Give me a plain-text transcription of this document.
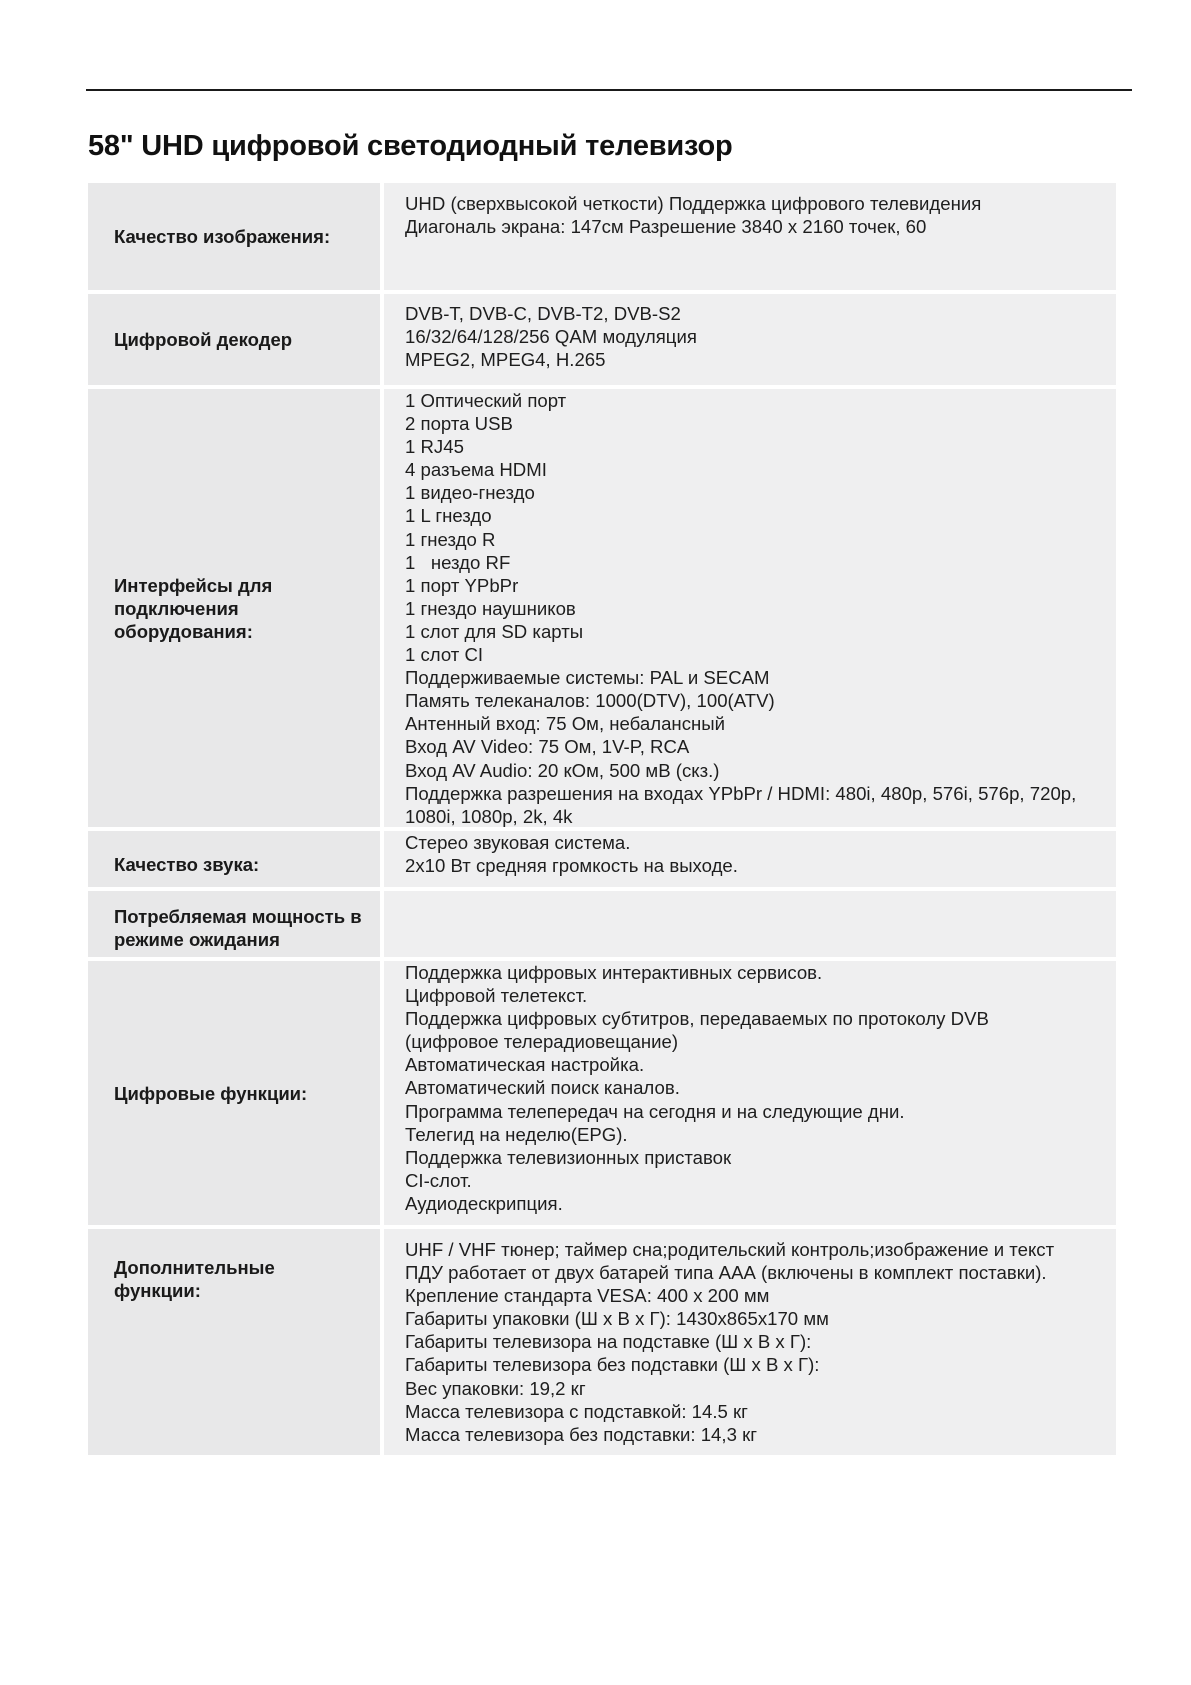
58" UHD цифровой светодиодный телевизор
Качество изображения:
UHD (сверхвысокой четкости) Поддержка цифрового телевидения
Диагональ экрана: 147см Разрешение 3840 x 2160 точек, 60
Цифровой декодер
DVB-T, DVB-C, DVB-T2, DVB-S2
16/32/64/128/256 QAM модуляция
MPEG2, MPEG4, H.265
Интерфейсы для подключения оборудования:
1 Оптический порт
2 порта USB
1 RJ45
4 разъема HDMI
1 видео-гнездо
1 L гнездо
1 гнездо R
1   нездо RF
1 порт YPbPr
1 гнездо наушников
1 слот для SD карты
1 слот CI
Поддерживаемые системы: PAL и SECAM
Память телеканалов: 1000(DTV), 100(ATV)
Антенный вход: 75 Ом, небалансный
Вход AV Video: 75 Ом, 1V-P, RCA
Вход AV Audio: 20 кОм, 500 мВ (скз.)
Поддержка разрешения на входах YPbPr / HDMI: 480i, 480p, 576i, 576p, 720p,
1080i, 1080p, 2k, 4k
Качество звука:
Стерео звуковая система.
2x10 Вт средняя громкость на выходе.
Потребляемая мощность в режиме ожидания
Цифровые функции:
Поддержка цифровых интерактивных сервисов.
Цифровой телетекст.
Поддержка цифровых субтитров, передаваемых по протоколу DVB
(цифровое телерадиовещание)
Автоматическая настройка.
Автоматический поиск каналов.
Программа телепередач на сегодня и на следующие дни.
Телегид на неделю(EPG).
Поддержка телевизионных приставок
CI-слот.
Аудиодескрипция.
Дополнительные функции:
UHF / VHF тюнер; таймер сна;родительский контроль;изображение и текст
ПДУ работает от двух батарей типа ААА (включены в комплект поставки).
Крепление стандарта VESA: 400 x 200 мм
Габариты упаковки (Ш x В x Г): 1430x865x170 мм
Габариты телевизора на подставке (Ш x В x Г):
Габариты телевизора без подставки (Ш x В x Г):
Вес упаковки: 19,2 кг
Масса телевизора с подставкой: 14.5 кг
Масса телевизора без подставки: 14,3 кг
